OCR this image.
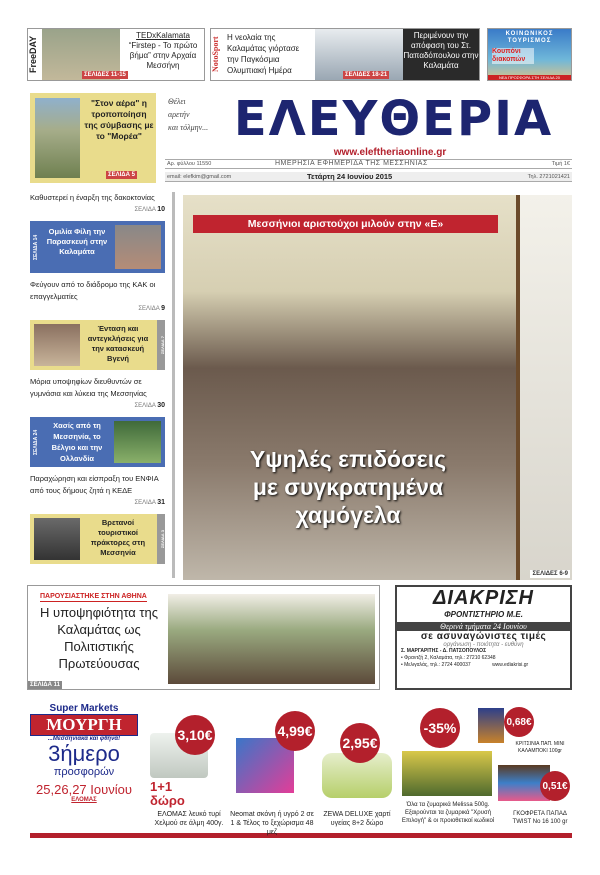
FreeDAY
ΣΕΛΙΔΕΣ 11-15
TEDxKalamata
“Firstep - Το πρώτο βήμα” στην Αρχαία Μεσσήνη	NotoSport Η νεολαία της Καλαμάτας γιόρτασε την Παγκόσμια Ολυμπιακή Ημέρα	ΣΕΛΙΔΕΣ 18-21
Περιμένουν την απόφαση του Στ. Παπαδόπουλου στην Καλαμάτα
ΚΟΙΝΩΝΙΚΟΣ ΤΟΥΡΙΣΜΟΣ
Κουπόνι διακοπών
ΝΕΑ ΠΡΟΣΦΟΡΑ ΣΤΗ ΣΕΛΙΔΑ 20
"Στον αέρα" η τροποποίηση της σύμβασης με το "Μορέα"
ΣΕΛΙΔΑ 5
Θέλει
αρετήν
και τόλμην... ΕΛΕΥΘΕΡΙΑ
www.eleftheriaonline.gr
Αρ. φύλλου 11550	ΗΜΕΡΗΣΙΑ ΕΦΗΜΕΡΙΔΑ ΤΗΣ ΜΕΣΣΗΝΙΑΣ	Τιμή 1€
email: elefkim@gmail.com	Τετάρτη 24 Ιουνίου 2015	Τηλ. 2721021421
Καθυστερεί η έναρξη της δακοκτονίας
ΣΕΛΙΔΑ 10
ΣΕΛΙΔΑ 14
Ομιλία Φίλη την Παρασκευή στην Καλαμάτα
Φεύγουν από το διάδρομο της ΚΑΚ οι επαγγελματίες
ΣΕΛΙΔΑ 9
Ένταση και αντεγκλήσεις για την κατασκευή Βγενή
ΣΕΛΙΔΑ 7
Μόρια υποψηφίων διευθυντών σε γυμνάσια και λύκεια της Μεσσηνίας
ΣΕΛΙΔΑ 30
ΣΕΛΙΔΑ 24
Χασίς από τη Μεσσηνία, το Βέλγιο και την Ολλανδία
Παραχώρηση και είσπραξη του ΕΝΦΙΑ από τους δήμους ζητά η ΚΕΔΕ
ΣΕΛΙΔΑ 31
Βρετανοί τουριστικοί πράκτορες στη Μεσσηνία
ΣΕΛΙΔΑ 3
Μεσσήνιοι αριστούχοι μιλούν στην «Ε»
Υψηλές επιδόσεις
με συγκρατημένα
χαμόγελα
ΣΕΛΙΔΕΣ 6-9
ΠΑΡΟΥΣΙΑΣΤΗΚΕ ΣΤΗΝ ΑΘΗΝΑ
Η υποψηφιότητα της Καλαμάτας ως Πολιτιστικής Πρωτεύουσας
ΣΕΛΙΔΑ 11
ΔΙΑΚΡΙΣΗ
ΦΡΟΝΤΙΣΤΗΡΙΟ Μ.Ε.
Θερινά τμήματα 24 Ιουνίου
σε ασυναγώνιστες τιμές
οργάνωση - ποιότητα - ευθύνη
Σ. ΜΑΡΓΑΡΙΤΗΣ - Δ. ΠΑΤΣΟΠΟΥΛΟΣ
• Φραντζή 2, Καλαμάτα, τηλ.: 27210 62348
• Μελιγαλάς, τηλ.: 2724 400037	www.ediakrisi.gr
Super Markets
ΜΟΥΡΓΗ
...Μεσσηνιακά και φθηνά!
3ήμερο
προσφορών
25,26,27 Ιουνίου
ΕΛΟΜΑΣ
3,10€
1+1 δώρο
ΕΛΟΜΑΣ λευκό τυρί Χελμού σε άλμη 400γ.
4,99€
Neomat σκόνη ή υγρό 2 σε 1 & Τέλος το ξεχώρισμα 48 μεζ
2,95€
ZEWA DELUXE χαρτί υγείας 8+2 δώρο
-35%
Όλα τα ζυμαρικά Melissa 500g. Εξαιρούνται τα ζυμαρικά "Χρυσή Επιλογή" & οι προιοθετικοί κωδικοί
0,68€
ΚΡΙΤΣΙΝΙΑ ΠΑΠ. ΜΙΝΙ ΚΑΛΑΜΠΟΚΙ 100gr
0,51€
ΓΚΟΦΡΕΤΑ ΠΑΠΑΔ TWIST No 16 100 gr
